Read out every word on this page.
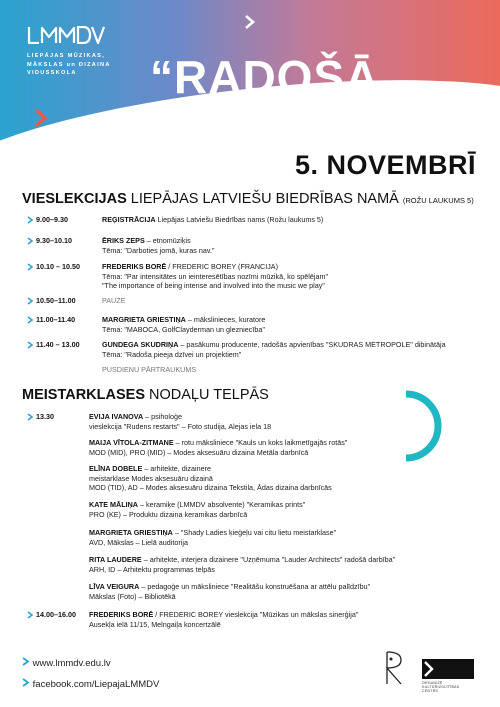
LIEPĀJAS MŪZIKAS,
MĀKSLAS un DIZAINA
VIDUSSKOLA	“RADOŠĀ
DIENA”
5. NOVEMBRĪ
VIESLEKCIJAS LIEPĀJAS LATVIEŠU BIEDRĪBAS NAMĀ (ROŽU LAUKUMS 5)
9.00–9.30	REĢISTRĀCIJA Liepājas Latviešu Biedrības nams (Rožu laukums 5)
9.30–10.10	ĒRIKS ZEPS – etnomūziķis
Tēma: "Darboties jomā, kuras nav."
10.10 – 10.50	FREDERIKS BORĒ / FREDERIC BOREY (FRANCIJA)
Tēma: "Par intensitātes un ieinteresētības nozīmi mūzikā, ko spēlējam"
"The importance of being intense and involved into the music we play"
10.50–11.00	PAUZE
11.00–11.40	MARGRIETA GRIESTIŅA – mākslinieces, kuratore
Tēma: "MABOCA, GolfClayderman un glezniecība"
11.40 – 13.00	GUNDEGA SKUDRIŅA – pasākumu producente, radošās apvienības "SKUDRAS METROPOLE" dibinātāja
Tēma: "Radoša pieeja dzīvei un projektiem"
PUSDIENU PĀRTRAUKUMS
MEISTARKLASES NODAĻU TELPĀS
13.30	EVIJA IVANOVA – psiholoģe
vieslekcija "Rudens restarts" – Foto studija, Alejas iela 18
MAIJA VĪTOLA-ZITMANE – rotu mākslinieсе "Kauls un koks laikmetīgajās rotās"
MOD (MID), PRO (MID) – Modes aksesuāru dizaina Metāla darbnīcā
ELĪNA DOBELE – arhitekte, dizainere
meistarklase Modes aksesuāru dizainā
MOD (TID), AD – Modes aksesuāru dizaina Tekstila, Ādas dizaina darbnīcās
KATE MĀLIŅA – keramiķe (LMMDV absolvente) "Keramikas prints"
PRO (KE) – Produktu dizaina keramikas darbnīcā
MARGRIETA GRIESTIŅA – "Shady Ladies ķieģeļu vai citu lietu meistarklase"
AVD, Mākslas – Lielā auditorija
RITA LAUDERE – arhitekte, interjera dizainere "Uzņēmuma "Lauder Architects" radošā darbība"
ARH, ID – Arhitektu programmas telpās
LĪVA VEIGURA – pedagoģe un mākslinieсе "Realitāšu konstruēšana ar attēlu palīdzību"
Mākslas (Foto) – Bibliotēkā
14.00–16.00 FREDERIKS BORĒ / FREDERIC BOREY vieslekcija "Mūzikas un mākslas sinerģija"
Ausekļa ielā 11/15, Melngaiļa koncertzālē
www.lmmdv.edu.lv
facebook.com/LiepajaLMMDV	ORGANIZĒ KULTŪRIZGLĪTĪBAS CENTRS
